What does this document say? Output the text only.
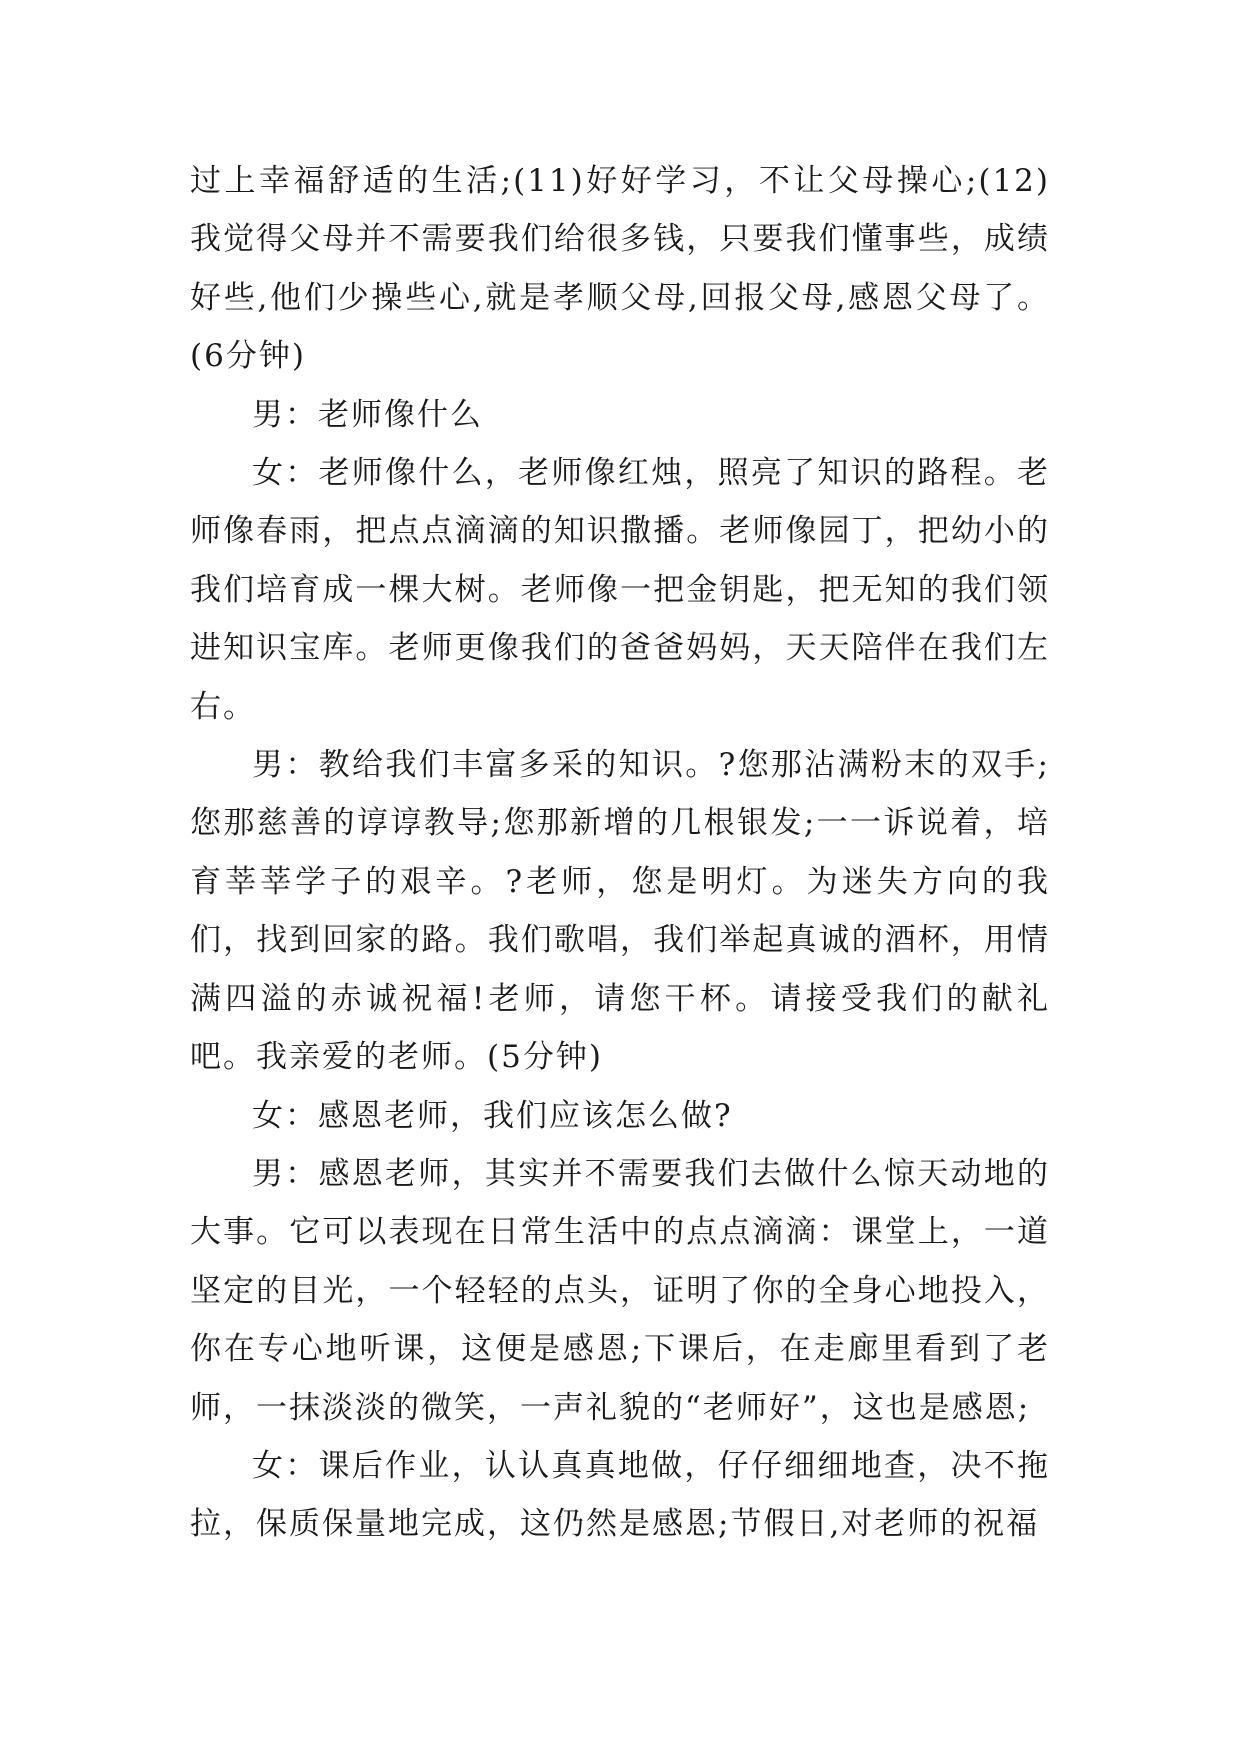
过上幸福舒适的生活;(11)好好学习，不让父母操心;(12)我觉得父母并不需要我们给很多钱，只要我们懂事些，成绩好些,他们少操些心,就是孝顺父母,回报父母,感恩父母了。(6分钟)

男：老师像什么

女：老师像什么，老师像红烛，照亮了知识的路程。老师像春雨，把点点滴滴的知识撒播。老师像园丁，把幼小的我们培育成一棵大树。老师像一把金钥匙，把无知的我们领进知识宝库。老师更像我们的爸爸妈妈，天天陪伴在我们左右。

男：教给我们丰富多采的知识。?您那沾满粉末的双手;您那慈善的谆谆教导;您那新增的几根银发;一一诉说着，培育莘莘学子的艰辛。?老师，您是明灯。为迷失方向的我们，找到回家的路。我们歌唱，我们举起真诚的酒杯，用情满四溢的赤诚祝福!老师，请您干杯。请接受我们的献礼吧。我亲爱的老师。(5分钟)

女：感恩老师，我们应该怎么做?

男：感恩老师，其实并不需要我们去做什么惊天动地的大事。它可以表现在日常生活中的点点滴滴：课堂上，一道坚定的目光，一个轻轻的点头，证明了你的全身心地投入，你在专心地听课，这便是感恩;下课后，在走廊里看到了老师，一抹淡淡的微笑，一声礼貌的“老师好”，这也是感恩;

女：课后作业，认认真真地做，仔仔细细地查，决不拖拉，保质保量地完成，这仍然是感恩;节假日,对老师的祝福
